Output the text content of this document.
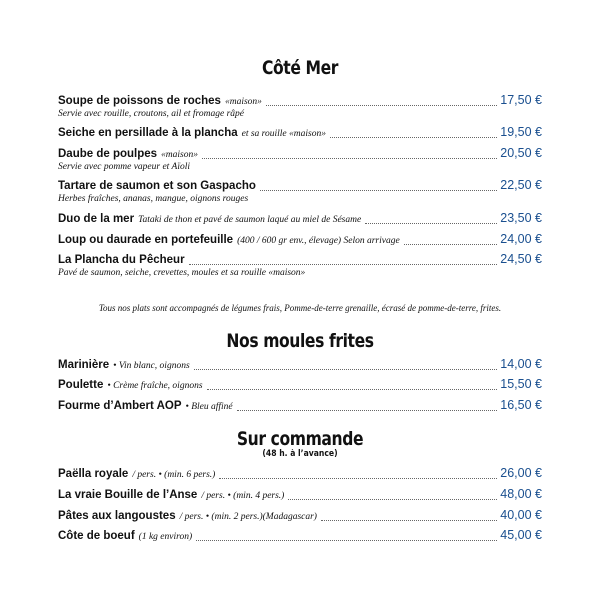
Côté Mer
Soupe de poissons de roches «maison»	17,50 €
Servie avec rouille, croutons, ail et fromage râpé
Seiche en persillade à la plancha et sa rouille «maison»	19,50 €
Daube de poulpes «maison»	20,50 €
Servie avec pomme vapeur et Aïoli
Tartare de saumon et son Gaspacho	22,50 €
Herbes fraîches, ananas, mangue, oignons rouges
Duo de la mer Tataki de thon et pavé de saumon laqué au miel de Sésame	23,50 €
Loup ou daurade en portefeuille (400 / 600 gr env., élevage) Selon arrivage	24,00 €
La Plancha du Pêcheur	24,50 €
Pavé de saumon, seiche, crevettes, moules et sa rouille «maison»
Tous nos plats sont accompagnés de légumes frais, Pomme-de-terre grenaille, écrasé de pomme-de-terre, frites.
Nos moules frites
Marinière • Vin blanc, oignons	14,00 €
Poulette • Crème fraîche, oignons	15,50 €
Fourme d’Ambert AOP • Bleu affiné	16,50 €
Sur commande
(48 h. à l’avance)
Paëlla royale / pers. • (min. 6 pers.)	26,00 €
La vraie Bouille de l’Anse / pers. • (min. 4 pers.)	48,00 €
Pâtes aux langoustes / pers. • (min. 2 pers.)(Madagascar)	40,00 €
Côte de boeuf (1 kg environ)	45,00 €
